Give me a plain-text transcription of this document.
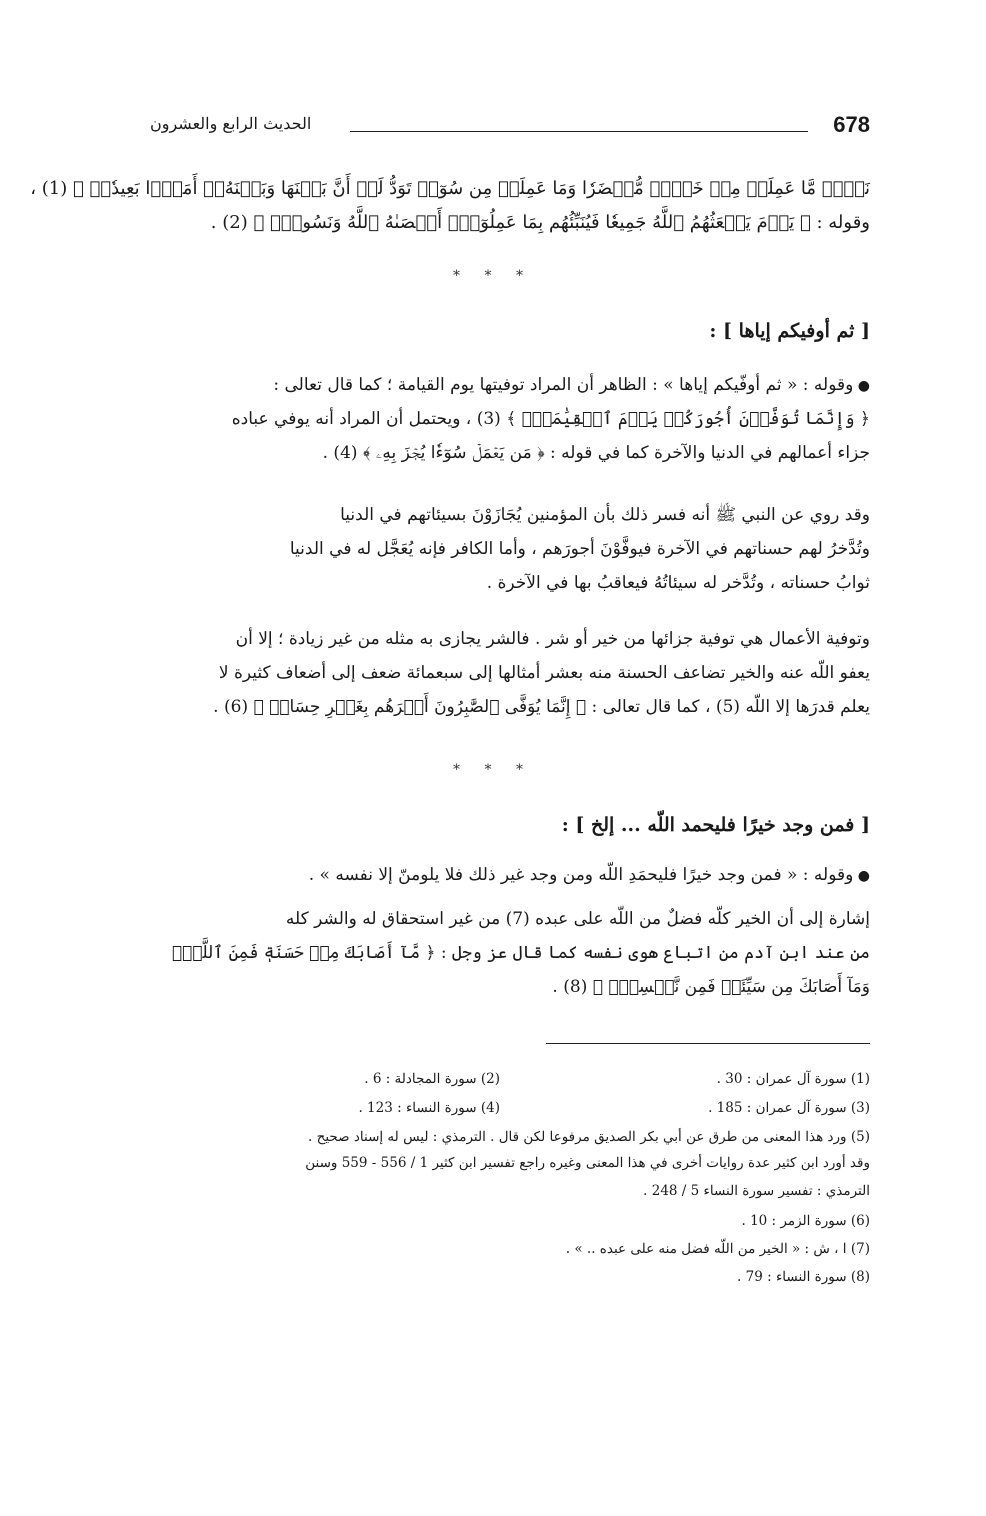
الحديث الرابع والعشرون	678
نَفۡسٖ مَّا عَمِلَتۡ مِنۡ خَيۡرٖ مُّحۡضَرٗا وَمَا عَمِلَتۡ مِن سُوٓءٖ تَوَدُّ لَوۡ أَنَّ بَيۡنَهَا وَبَيۡنَهُۥٓ أَمَدَۢا بَعِيدٗاۗ ﴾ (1) ،
وقوله : ﴿ يَوۡمَ يَبۡعَثُهُمُ ٱللَّهُ جَمِيعٗا فَيُنَبِّئُهُم بِمَا عَمِلُوٓاْۚ أَحۡصَىٰهُ ٱللَّهُ وَنَسُوهُۚ ﴾ (2) .
* * *
[ ثم أوفيكم إياها ] :
● وقوله : « ثم أوفّيكم إياها » : الظاهر أن المراد توفيتها يوم القيامة ؛ كما قال تعالى :
﴿ وَإِنَّمَا تُوَفَّوۡنَ أُجُورَكُمۡ يَوۡمَ ٱلۡقِيَٰمَةِۖ ﴾ (3) ، ويحتمل أن المراد أنه يوفي عباده
جزاء أعمالهم في الدنيا والآخرة كما في قوله : ﴿ مَن يَعۡمَلۡ سُوٓءٗا يُجۡزَ بِهِۦ ﴾ (4) .
وقد روي عن النبي ﷺ أنه فسر ذلك بأن المؤمنين يُجَازَوْنَ بسيئاتهم في الدنيا
وتُدَّخرُ لهم حسناتهم في الآخرة فيوفَّوْنَ أجورَهم ، وأما الكافر فإنه يُعَجَّل له في الدنيا
ثوابُ حسناته ، وتُدَّخر له سيئاتُهُ فيعاقبُ بها في الآخرة .
وتوفية الأعمال هي توفية جزائها من خير أو شر . فالشر يجازى به مثله من غير زيادة ؛ إلا أن
يعفو اللّه عنه والخير تضاعف الحسنة منه بعشر أمثالها إلى سبعمائة ضعف إلى أضعاف كثيرة لا
يعلم قدرَها إلا اللّه (5) ، كما قال تعالى : ﴿ إِنَّمَا يُوَفَّى ٱلصَّٰبِرُونَ أَجۡرَهُم بِغَيۡرِ حِسَابٖ ﴾ (6) .
* * *
[ فمن وجد خيرًا فليحمد اللّه ... إلخ ] :
● وقوله : « فمن وجد خيرًا فليحمَدِ اللّه ومن وجد غير ذلك فلا يلومنّ إلا نفسه » .
إشارة إلى أن الخير كلّه فضلٌ من اللّه على عبده (7) من غير استحقاق له والشر كله
من عند ابن آدم من اتباع هوى نفسه كما قال عز وجل : ﴿ مَّآ أَصَابَكَ مِنۡ حَسَنَةٖ فَمِنَ ٱللَّهِۖ
وَمَآ أَصَابَكَ مِن سَيِّئَةٖ فَمِن نَّفۡسِكَۚ ﴾ (8) .
(1) سورة آل عمران : 30 .
(2) سورة المجادلة : 6 .
(3) سورة آل عمران : 185 .
(4) سورة النساء : 123 .
(5) ورد هذا المعنى من طرق عن أبي بكر الصديق مرفوعا لكن قال . الترمذي : ليس له إسناد صحيح .
وقد أورد ابن كثير عدة روايات أخرى في هذا المعنى وغيره راجع تفسير ابن كثير 1 / 556 - 559 وسنن
الترمذي : تفسير سورة النساء 5 / 248 .
(6) سورة الزمر : 10 .
(7) ا ، ش : « الخير من اللّه فضل منه على عبده .. » .
(8) سورة النساء : 79 .
